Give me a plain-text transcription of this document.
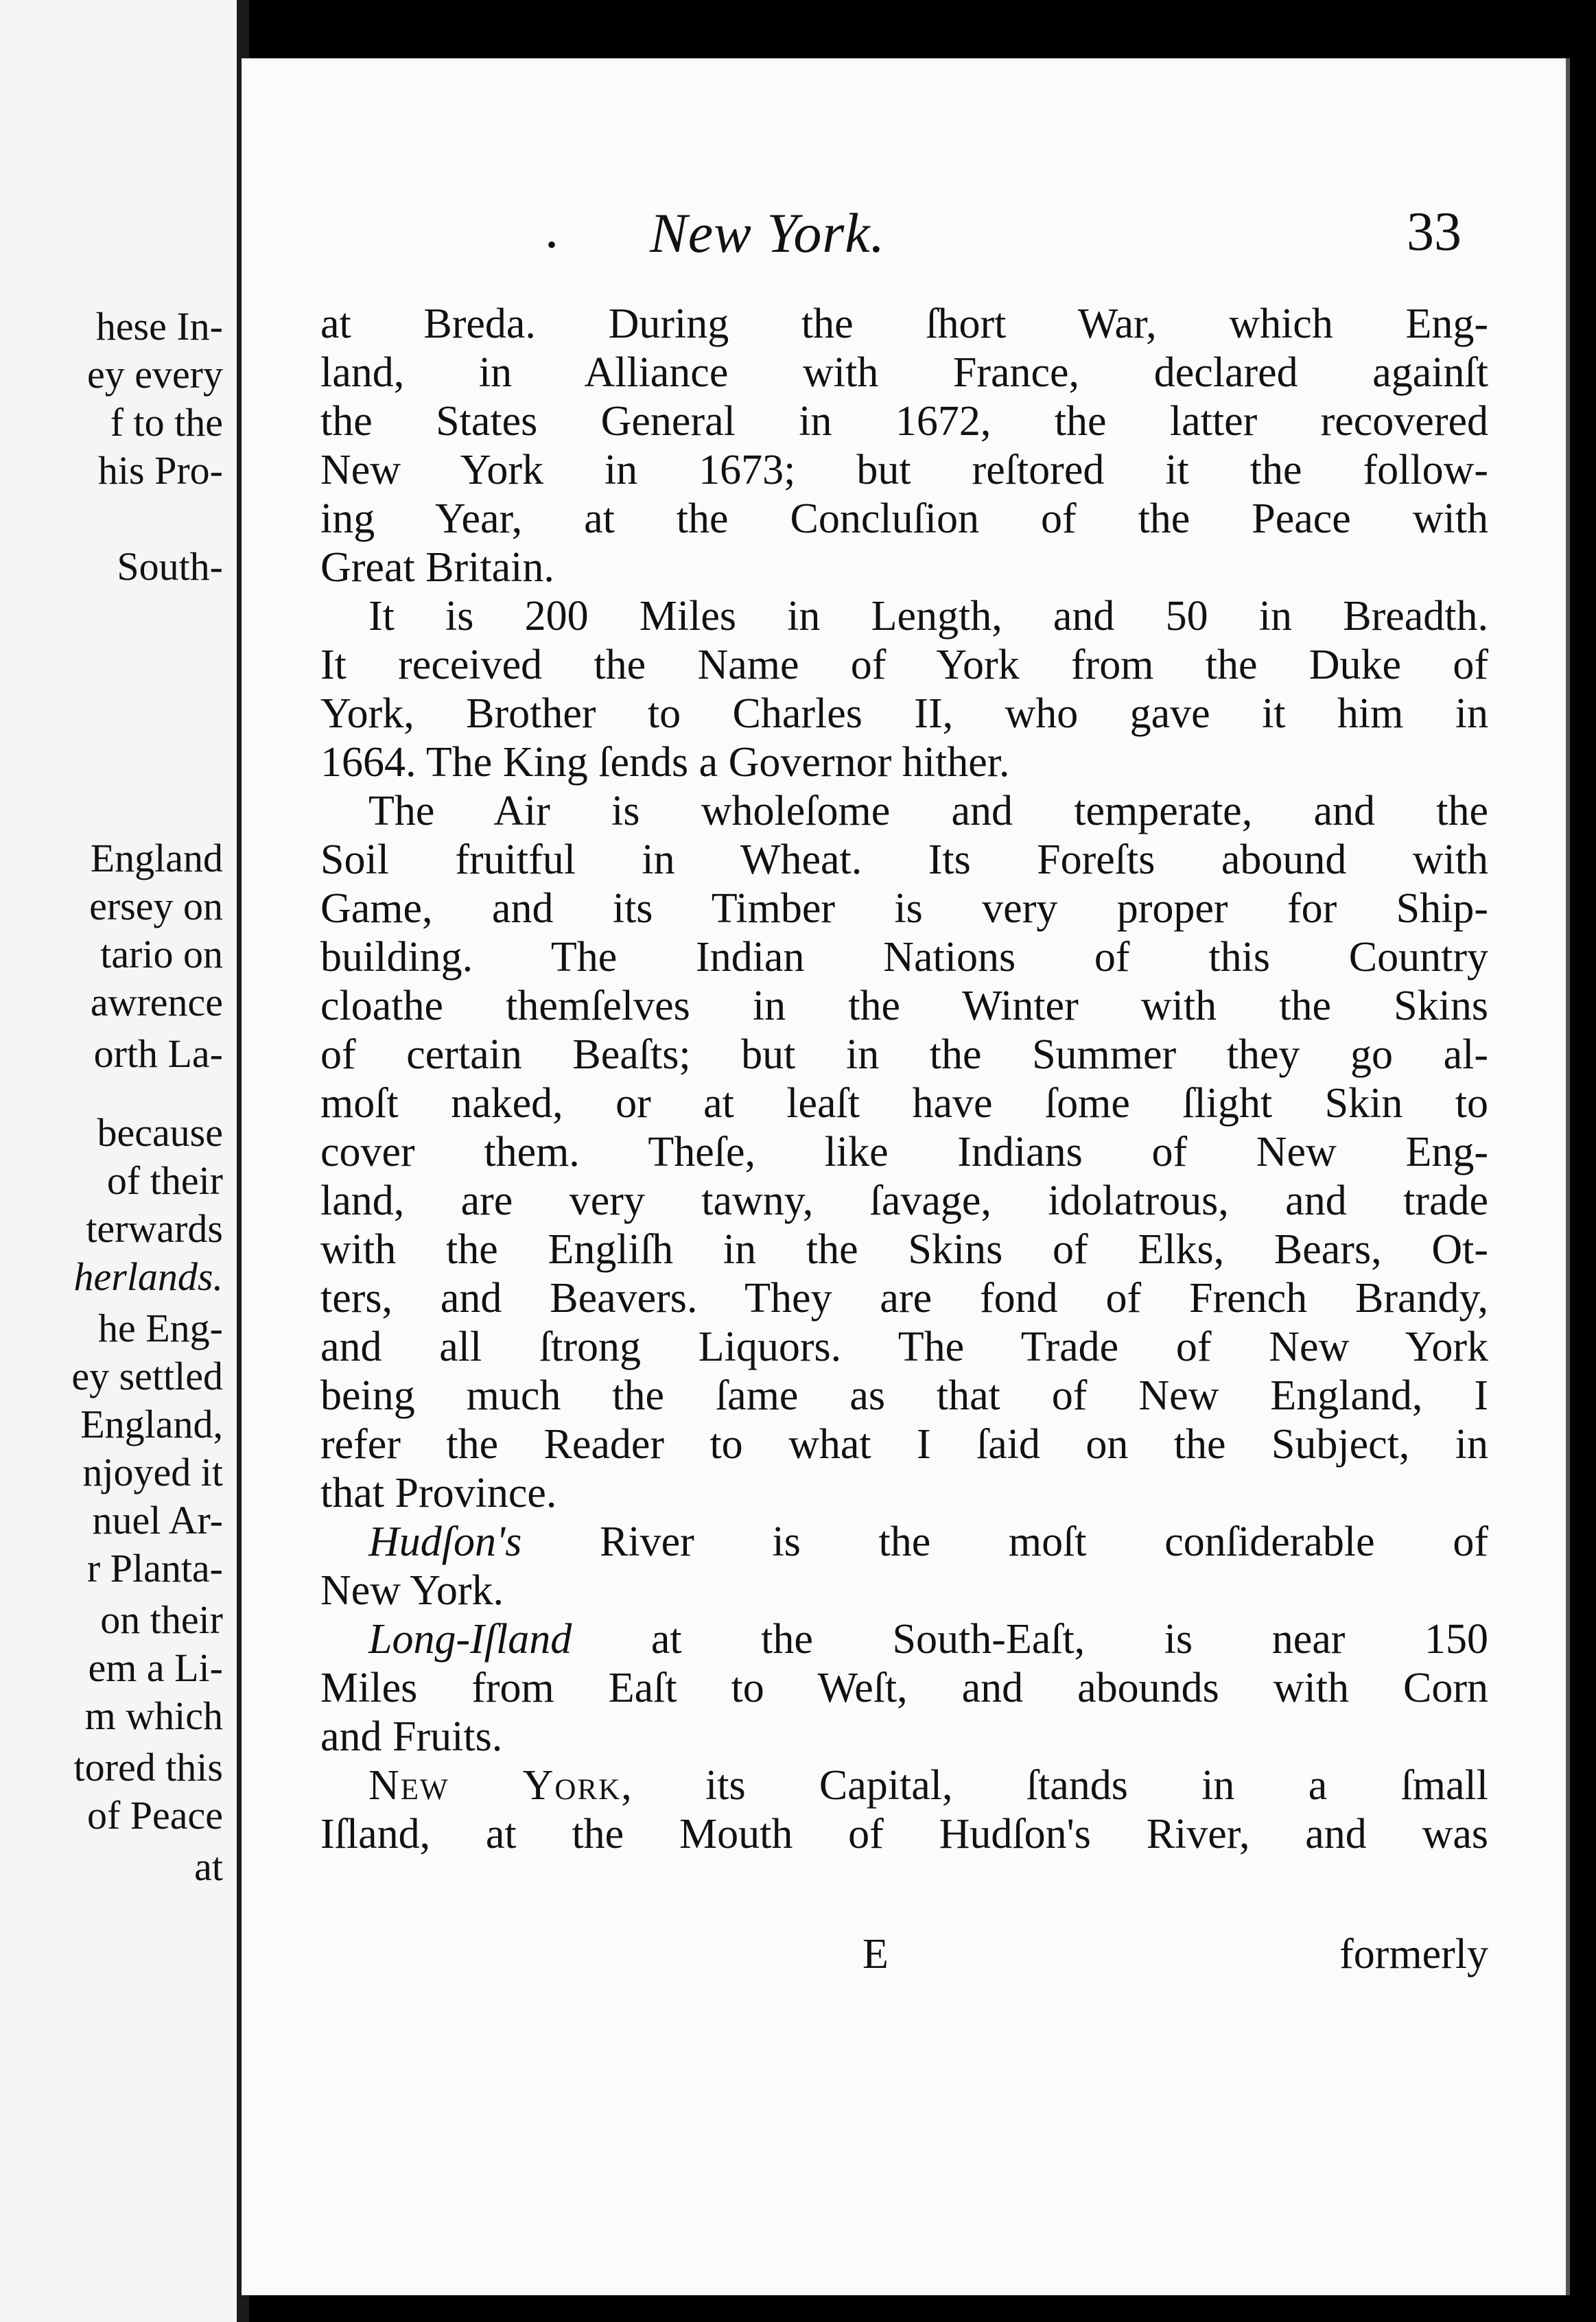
hese In-
ey every
f to the
his Pro-
South-
England
ersey on
tario on
awrence
orth La-
because
of their
terwards
herlands.
he Eng-
ey settled
England,
njoyed it
nuel Ar-
r Planta-
on their
em a Li-
m which
tored this
of Peace
at
• New York.	33
at Breda. During the ſhort War, which Eng-
land, in Alliance with France, declared againſt
the States General in 1672, the latter recovered
New York in 1673; but reſtored it the follow-
ing Year, at the Concluſion of the Peace with
Great Britain.
It is 200 Miles in Length, and 50 in Breadth.
It received the Name of York from the Duke of
York, Brother to Charles II, who gave it him in
1664. The King ſends a Governor hither.
The Air is wholeſome and temperate, and the
Soil fruitful in Wheat. Its Foreſts abound with
Game, and its Timber is very proper for Ship-
building. The Indian Nations of this Country
cloathe themſelves in the Winter with the Skins
of certain Beaſts; but in the Summer they go al-
moſt naked, or at leaſt have ſome ſlight Skin to
cover them. Theſe, like Indians of New Eng-
land, are very tawny, ſavage, idolatrous, and trade
with the Engliſh in the Skins of Elks, Bears, Ot-
ters, and Beavers. They are fond of French Brandy,
and all ſtrong Liquors. The Trade of New York
being much the ſame as that of New England, I
refer the Reader to what I ſaid on the Subject, in
that Province.
Hudſon's River is the moſt conſiderable of
New York.
Long-Iſland at the South-Eaſt, is near 150
Miles from Eaſt to Weſt, and abounds with Corn
and Fruits.
New York, its Capital, ſtands in a ſmall
Iſland, at the Mouth of Hudſon's River, and was
E	formerly
